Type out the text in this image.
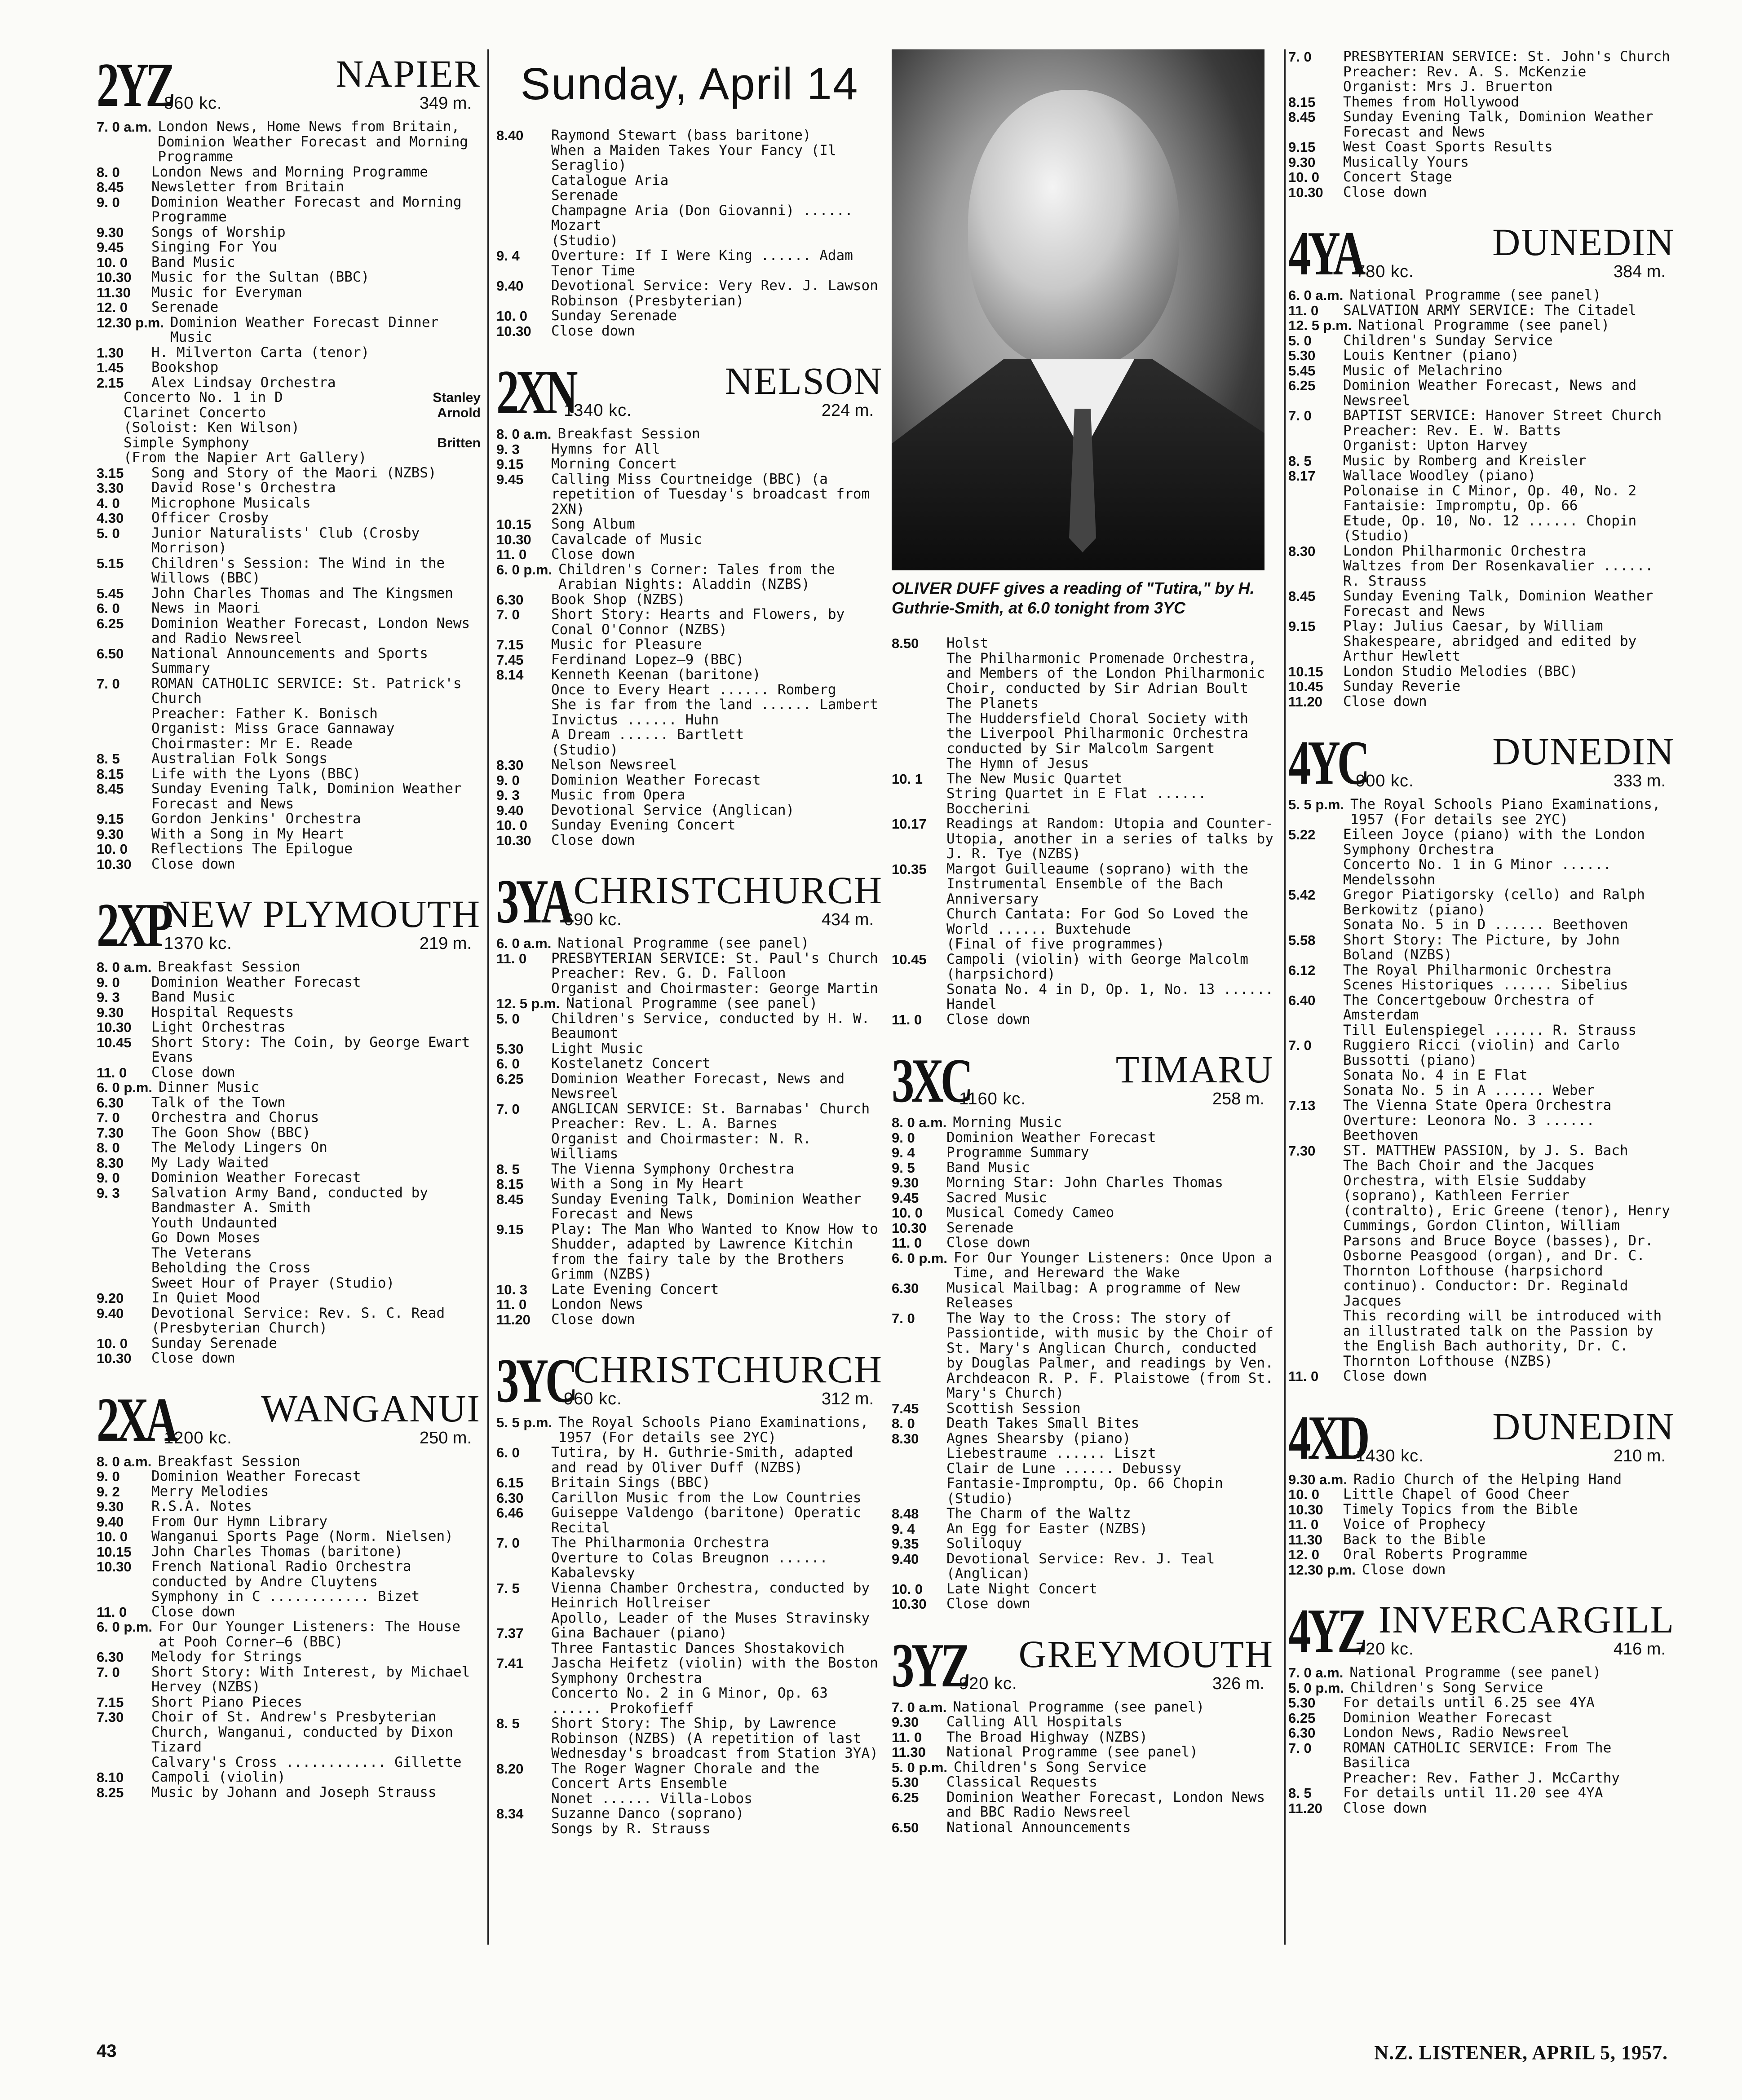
2YZ
860 kc.
NAPIER
349 m.
7. 0 a.m. London News, Home News from Britain, Dominion Weather Forecast and Morning Programme
8. 0	London News and Morning Programme
8.45	Newsletter from Britain
9. 0	Dominion Weather Forecast and Morning Programme
9.30	Songs of Worship
9.45	Singing For You
10. 0	Band Music
10.30	Music for the Sultan (BBC)
11.30	Music for Everyman
12. 0	Serenade
12.30 p.m. Dominion Weather Forecast Dinner Music
1.30	H. Milverton Carta (tenor)
1.45	Bookshop
2.15	Alex Lindsay Orchestra
Concerto No. 1 in D	Stanley
Clarinet Concerto	Arnold
(Soloist: Ken Wilson)
Simple Symphony	Britten
(From the Napier Art Gallery)
3.15	Song and Story of the Maori (NZBS)
3.30	David Rose's Orchestra
4. 0	Microphone Musicals
4.30	Officer Crosby
5. 0	Junior Naturalists' Club (Crosby Morrison)
5.15	Children's Session: The Wind in the Willows (BBC)
5.45	John Charles Thomas and The Kingsmen
6. 0	News in Maori
6.25	Dominion Weather Forecast, London News and Radio Newsreel
6.50	National Announcements and Sports Summary
7. 0	ROMAN CATHOLIC SERVICE: St. Patrick's Church
Preacher: Father K. Bonisch
Organist: Miss Grace Gannaway
Choirmaster: Mr E. Reade
8. 5	Australian Folk Songs
8.15	Life with the Lyons (BBC)
8.45	Sunday Evening Talk, Dominion Weather Forecast and News
9.15	Gordon Jenkins' Orchestra
9.30	With a Song in My Heart
10. 0	Reflections The Epilogue
10.30	Close down
2XP
1370 kc.
NEW PLYMOUTH
219 m.
8. 0 a.m. Breakfast Session
9. 0	Dominion Weather Forecast
9. 3	Band Music
9.30	Hospital Requests
10.30	Light Orchestras
10.45	Short Story: The Coin, by George Ewart Evans
11. 0	Close down
6. 0 p.m. Dinner Music
6.30	Talk of the Town
7. 0	Orchestra and Chorus
7.30	The Goon Show (BBC)
8. 0	The Melody Lingers On
8.30	My Lady Waited
9. 0	Dominion Weather Forecast
9. 3	Salvation Army Band, conducted by Bandmaster A. Smith
Youth Undaunted
Go Down Moses
The Veterans
Beholding the Cross
Sweet Hour of Prayer (Studio)
9.20	In Quiet Mood
9.40	Devotional Service: Rev. S. C. Read (Presbyterian Church)
10. 0	Sunday Serenade
10.30	Close down
2XA
1200 kc.
WANGANUI
250 m.
8. 0 a.m. Breakfast Session
9. 0	Dominion Weather Forecast
9. 2	Merry Melodies
9.30	R.S.A. Notes
9.40	From Our Hymn Library
10. 0	Wanganui Sports Page (Norm. Nielsen)
10.15	John Charles Thomas (baritone)
10.30	French National Radio Orchestra conducted by Andre Cluytens
Symphony in C ............ Bizet
11. 0	Close down
6. 0 p.m. For Our Younger Listeners: The House at Pooh Corner—6 (BBC)
6.30	Melody for Strings
7. 0	Short Story: With Interest, by Michael Hervey (NZBS)
7.15	Short Piano Pieces
7.30	Choir of St. Andrew's Presbyterian Church, Wanganui, conducted by Dixon Tizard
Calvary's Cross ............ Gillette
8.10	Campoli (violin)
8.25	Music by Johann and Joseph Strauss
Sunday, April 14
8.40	Raymond Stewart (bass baritone)
When a Maiden Takes Your Fancy (Il Seraglio)
Catalogue Aria
Serenade
Champagne Aria (Don Giovanni) ...... Mozart
(Studio)
9. 4	Overture: If I Were King ...... Adam
Tenor Time
9.40	Devotional Service: Very Rev. J. Lawson Robinson (Presbyterian)
10. 0	Sunday Serenade
10.30	Close down
2XN
1340 kc.
NELSON
224 m.
8. 0 a.m. Breakfast Session
9. 3	Hymns for All
9.15	Morning Concert
9.45	Calling Miss Courtneidge (BBC) (a repetition of Tuesday's broadcast from 2XN)
10.15	Song Album
10.30	Cavalcade of Music
11. 0	Close down
6. 0 p.m. Children's Corner: Tales from the Arabian Nights: Aladdin (NZBS)
6.30	Book Shop (NZBS)
7. 0	Short Story: Hearts and Flowers, by Conal O'Connor (NZBS)
7.15	Music for Pleasure
7.45	Ferdinand Lopez—9 (BBC)
8.14	Kenneth Keenan (baritone)
Once to Every Heart ...... Romberg
She is far from the land ...... Lambert
Invictus ...... Huhn
A Dream ...... Bartlett
(Studio)
8.30	Nelson Newsreel
9. 0	Dominion Weather Forecast
9. 3	Music from Opera
9.40	Devotional Service (Anglican)
10. 0	Sunday Evening Concert
10.30	Close down
3YA
690 kc.
CHRISTCHURCH
434 m.
6. 0 a.m. National Programme (see panel)
11. 0	PRESBYTERIAN SERVICE: St. Paul's Church
Preacher: Rev. G. D. Falloon
Organist and Choirmaster: George Martin
12. 5 p.m. National Programme (see panel)
5. 0	Children's Service, conducted by H. W. Beaumont
5.30	Light Music
6. 0	Kostelanetz Concert
6.25	Dominion Weather Forecast, News and Newsreel
7. 0	ANGLICAN SERVICE: St. Barnabas' Church
Preacher: Rev. L. A. Barnes
Organist and Choirmaster: N. R. Williams
8. 5	The Vienna Symphony Orchestra
8.15	With a Song in My Heart
8.45	Sunday Evening Talk, Dominion Weather Forecast and News
9.15	Play: The Man Who Wanted to Know How to Shudder, adapted by Lawrence Kitchin from the fairy tale by the Brothers Grimm (NZBS)
10. 3	Late Evening Concert
11. 0	London News
11.20	Close down
3YC
960 kc.
CHRISTCHURCH
312 m.
5. 5 p.m. The Royal Schools Piano Examinations, 1957 (For details see 2YC)
6. 0	Tutira, by H. Guthrie-Smith, adapted and read by Oliver Duff (NZBS)
6.15	Britain Sings (BBC)
6.30	Carillon Music from the Low Countries
6.46	Guiseppe Valdengo (baritone) Operatic Recital
7. 0	The Philharmonia Orchestra
Overture to Colas Breugnon ...... Kabalevsky
7. 5	Vienna Chamber Orchestra, conducted by Heinrich Hollreiser
Apollo, Leader of the Muses Stravinsky
7.37	Gina Bachauer (piano)
Three Fantastic Dances Shostakovich
7.41	Jascha Heifetz (violin) with the Boston Symphony Orchestra
Concerto No. 2 in G Minor, Op. 63 ...... Prokofieff
8. 5	Short Story: The Ship, by Lawrence Robinson (NZBS) (A repetition of last Wednesday's broadcast from Station 3YA)
8.20	The Roger Wagner Chorale and the Concert Arts Ensemble
Nonet ...... Villa-Lobos
8.34	Suzanne Danco (soprano)
Songs by R. Strauss
OLIVER DUFF gives a reading of "Tutira," by H. Guthrie-Smith, at 6.0 tonight from 3YC
8.50	Holst
The Philharmonic Promenade Orchestra, and Members of the London Philharmonic Choir, conducted by Sir Adrian Boult
The Planets
The Huddersfield Choral Society with the Liverpool Philharmonic Orchestra conducted by Sir Malcolm Sargent
The Hymn of Jesus
10. 1	The New Music Quartet
String Quartet in E Flat ...... Boccherini
10.17	Readings at Random: Utopia and Counter-Utopia, another in a series of talks by J. R. Tye (NZBS)
10.35	Margot Guilleaume (soprano) with the Instrumental Ensemble of the Bach Anniversary
Church Cantata: For God So Loved the World ...... Buxtehude
(Final of five programmes)
10.45	Campoli (violin) with George Malcolm (harpsichord)
Sonata No. 4 in D, Op. 1, No. 13 ...... Handel
11. 0	Close down
3XC
1160 kc.
TIMARU
258 m.
8. 0 a.m. Morning Music
9. 0	Dominion Weather Forecast
9. 4	Programme Summary
9. 5	Band Music
9.30	Morning Star: John Charles Thomas
9.45	Sacred Music
10. 0	Musical Comedy Cameo
10.30	Serenade
11. 0	Close down
6. 0 p.m. For Our Younger Listeners: Once Upon a Time, and Hereward the Wake
6.30	Musical Mailbag: A programme of New Releases
7. 0	The Way to the Cross: The story of Passiontide, with music by the Choir of St. Mary's Anglican Church, conducted by Douglas Palmer, and readings by Ven. Archdeacon R. P. F. Plaistowe (from St. Mary's Church)
7.45	Scottish Session
8. 0	Death Takes Small Bites
8.30	Agnes Shearsby (piano)
Liebestraume ...... Liszt
Clair de Lune ...... Debussy
Fantasie-Impromptu, Op. 66 Chopin
(Studio)
8.48	The Charm of the Waltz
9. 4	An Egg for Easter (NZBS)
9.35	Soliloquy
9.40	Devotional Service: Rev. J. Teal (Anglican)
10. 0	Late Night Concert
10.30	Close down
3YZ
920 kc.
GREYMOUTH
326 m.
7. 0 a.m. National Programme (see panel)
9.30	Calling All Hospitals
11. 0	The Broad Highway (NZBS)
11.30	National Programme (see panel)
5. 0 p.m. Children's Song Service
5.30	Classical Requests
6.25	Dominion Weather Forecast, London News and BBC Radio Newsreel
6.50	National Announcements
7. 0	PRESBYTERIAN SERVICE: St. John's Church
Preacher: Rev. A. S. McKenzie
Organist: Mrs J. Bruerton
8.15	Themes from Hollywood
8.45	Sunday Evening Talk, Dominion Weather Forecast and News
9.15	West Coast Sports Results
9.30	Musically Yours
10. 0	Concert Stage
10.30	Close down
4YA
780 kc.
DUNEDIN
384 m.
6. 0 a.m. National Programme (see panel)
11. 0	SALVATION ARMY SERVICE: The Citadel
12. 5 p.m. National Programme (see panel)
5. 0	Children's Sunday Service
5.30	Louis Kentner (piano)
5.45	Music of Melachrino
6.25	Dominion Weather Forecast, News and Newsreel
7. 0	BAPTIST SERVICE: Hanover Street Church
Preacher: Rev. E. W. Batts
Organist: Upton Harvey
8. 5	Music by Romberg and Kreisler
8.17	Wallace Woodley (piano)
Polonaise in C Minor, Op. 40, No. 2
Fantaisie: Impromptu, Op. 66
Etude, Op. 10, No. 12 ...... Chopin
(Studio)
8.30	London Philharmonic Orchestra
Waltzes from Der Rosenkavalier ...... R. Strauss
8.45	Sunday Evening Talk, Dominion Weather Forecast and News
9.15	Play: Julius Caesar, by William Shakespeare, abridged and edited by Arthur Hewlett
10.15	London Studio Melodies (BBC)
10.45	Sunday Reverie
11.20	Close down
4YC
900 kc.
DUNEDIN
333 m.
5. 5 p.m. The Royal Schools Piano Examinations, 1957 (For details see 2YC)
5.22	Eileen Joyce (piano) with the London Symphony Orchestra
Concerto No. 1 in G Minor ...... Mendelssohn
5.42	Gregor Piatigorsky (cello) and Ralph Berkowitz (piano)
Sonata No. 5 in D ...... Beethoven
5.58	Short Story: The Picture, by John Boland (NZBS)
6.12	The Royal Philharmonic Orchestra
Scenes Historiques ...... Sibelius
6.40	The Concertgebouw Orchestra of Amsterdam
Till Eulenspiegel ...... R. Strauss
7. 0	Ruggiero Ricci (violin) and Carlo Bussotti (piano)
Sonata No. 4 in E Flat
Sonata No. 5 in A ...... Weber
7.13	The Vienna State Opera Orchestra
Overture: Leonora No. 3 ...... Beethoven
7.30	ST. MATTHEW PASSION, by J. S. Bach
The Bach Choir and the Jacques Orchestra, with Elsie Suddaby (soprano), Kathleen Ferrier (contralto), Eric Greene (tenor), Henry Cummings, Gordon Clinton, William Parsons and Bruce Boyce (basses), Dr. Osborne Peasgood (organ), and Dr. C. Thornton Lofthouse (harpsichord continuo). Conductor: Dr. Reginald Jacques
This recording will be introduced with an illustrated talk on the Passion by the English Bach authority, Dr. C. Thornton Lofthouse (NZBS)
11. 0	Close down
4XD
1430 kc.
DUNEDIN
210 m.
9.30 a.m. Radio Church of the Helping Hand
10. 0	Little Chapel of Good Cheer
10.30	Timely Topics from the Bible
11. 0	Voice of Prophecy
11.30	Back to the Bible
12. 0	Oral Roberts Programme
12.30 p.m. Close down
4YZ
720 kc.
INVERCARGILL
416 m.
7. 0 a.m. National Programme (see panel)
5. 0 p.m. Children's Song Service
5.30	For details until 6.25 see 4YA
6.25	Dominion Weather Forecast
6.30	London News, Radio Newsreel
7. 0	ROMAN CATHOLIC SERVICE: From The Basilica
Preacher: Rev. Father J. McCarthy
8. 5	For details until 11.20 see 4YA
11.20	Close down
43	N.Z. LISTENER, APRIL 5, 1957.
